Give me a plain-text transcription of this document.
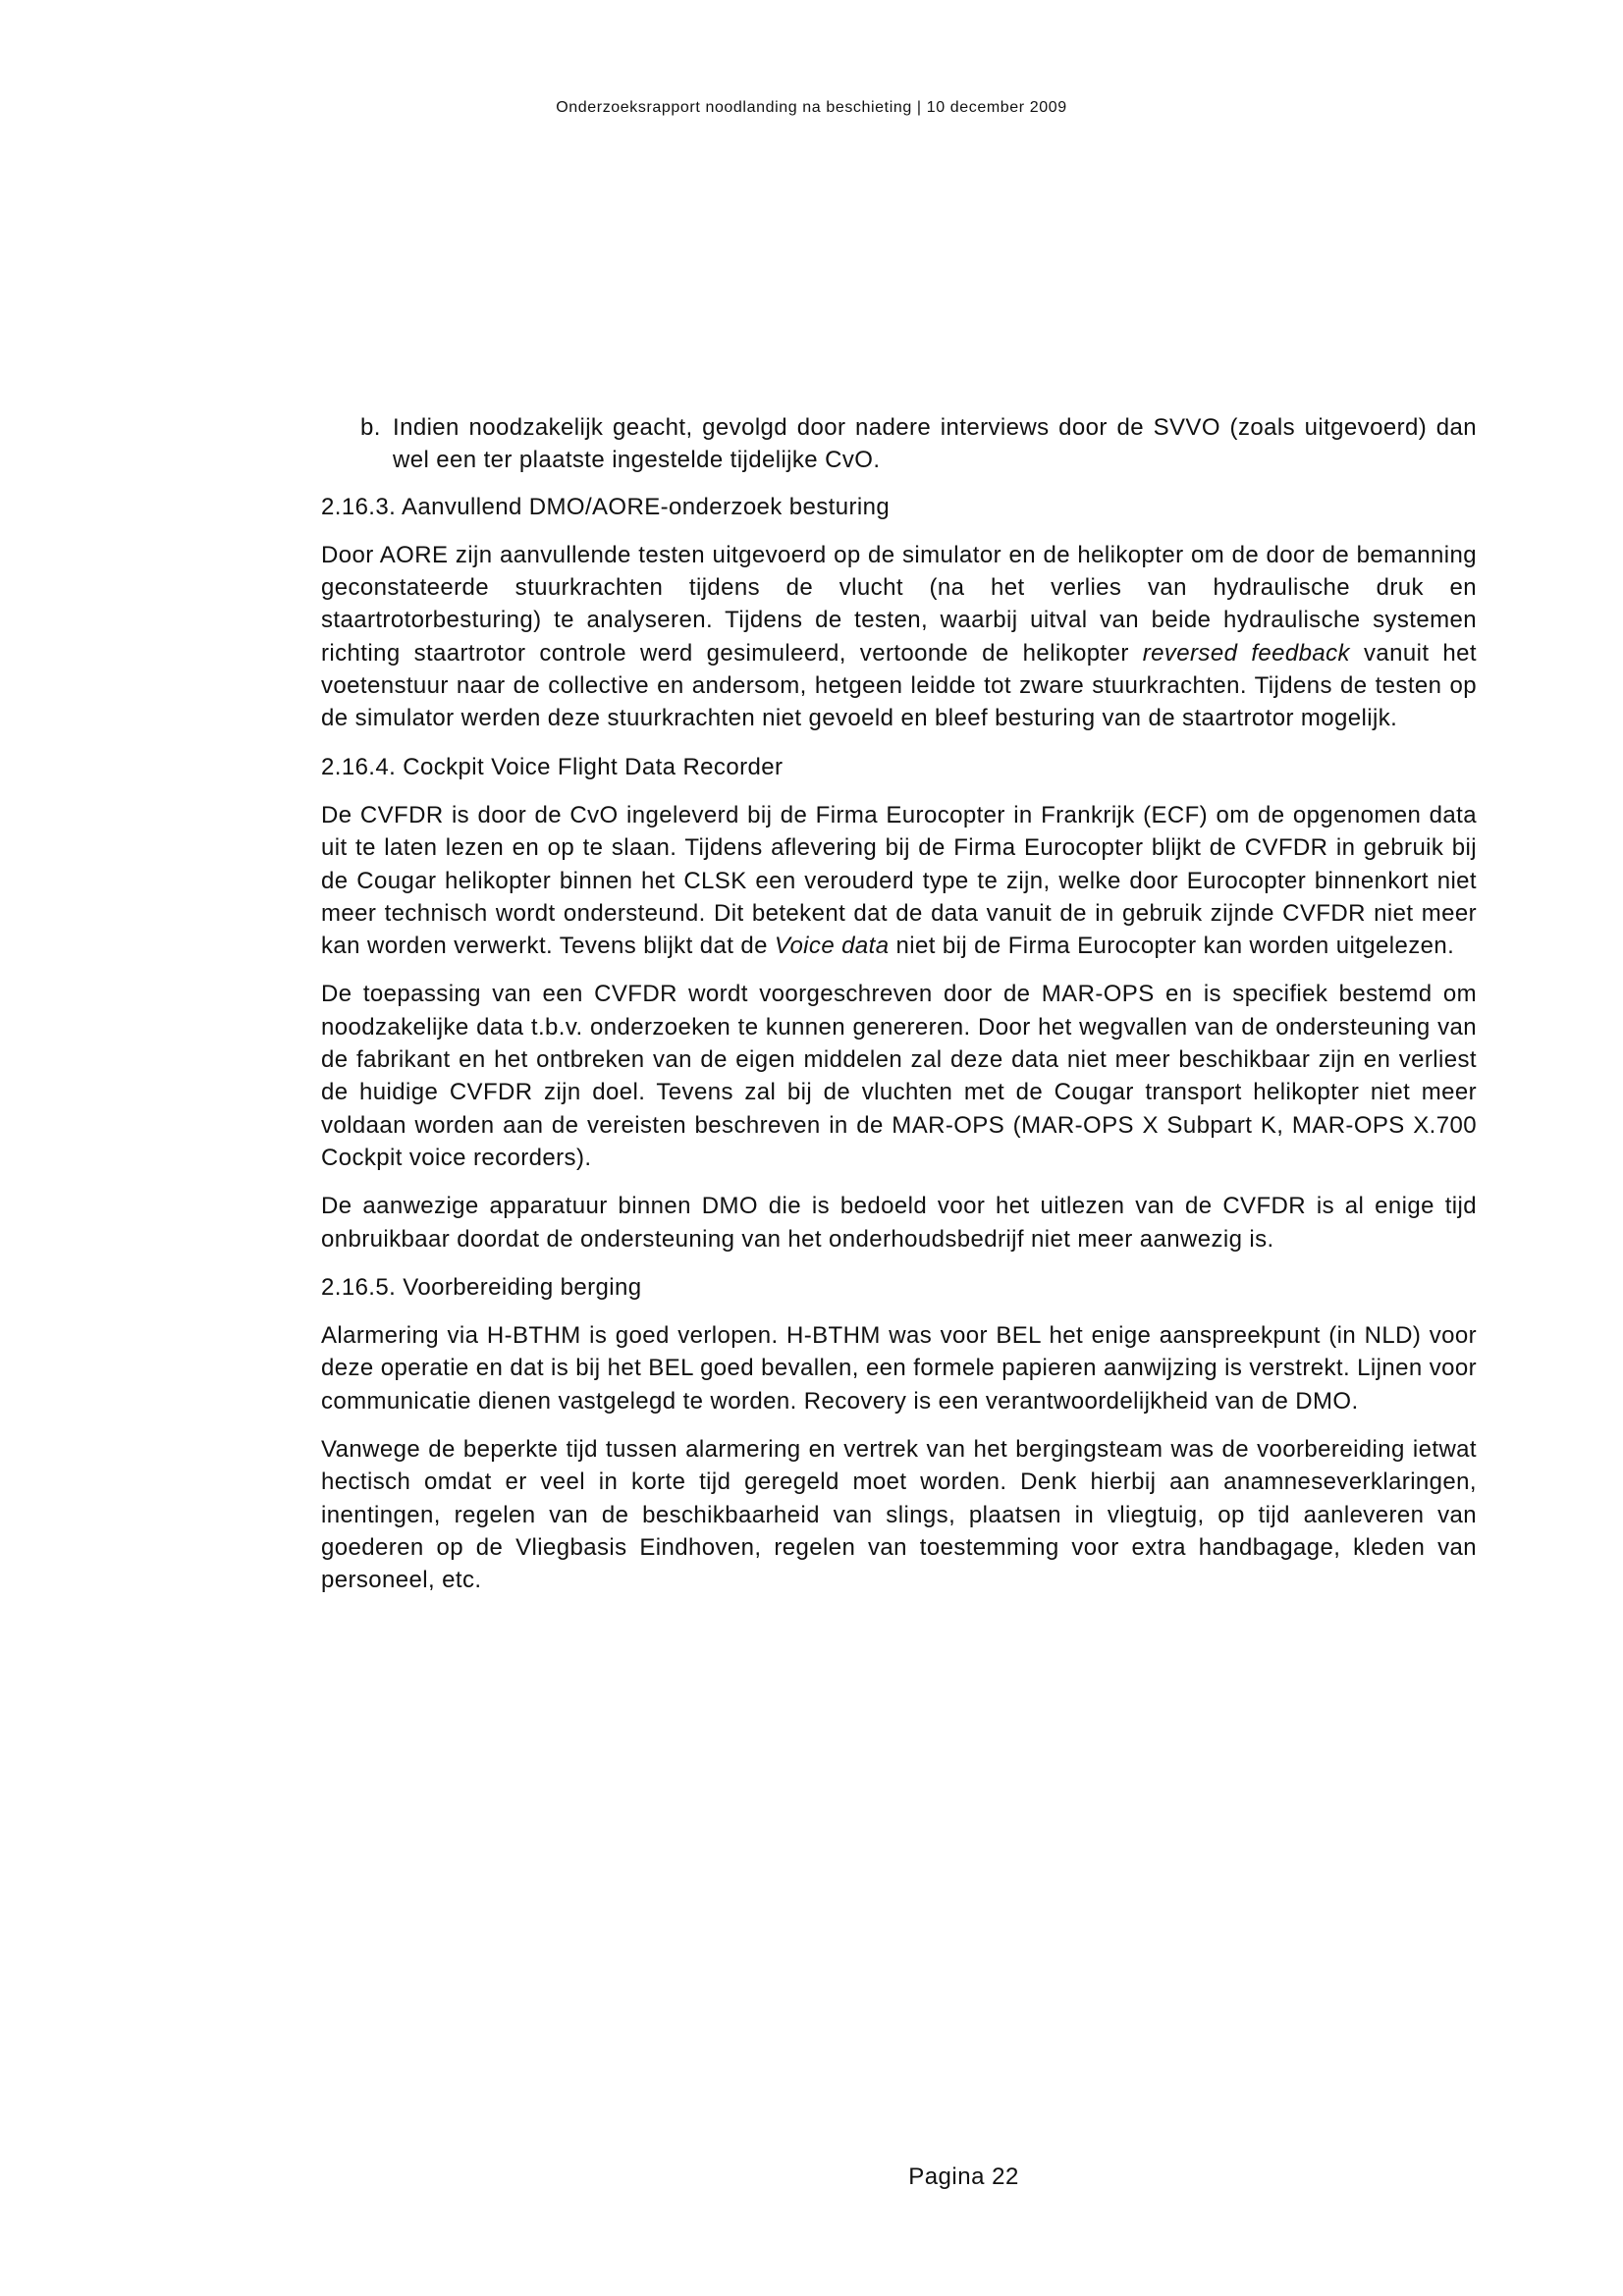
Onderzoeksrapport noodlanding na beschieting | 10 december 2009
b. Indien noodzakelijk geacht, gevolgd door nadere interviews door de SVVO (zoals uitgevoerd) dan wel een ter plaatste ingestelde tijdelijke CvO.
2.16.3. Aanvullend DMO/AORE-onderzoek besturing

Door AORE zijn aanvullende testen uitgevoerd op de simulator en de helikopter om de door de bemanning geconstateerde stuurkrachten tijdens de vlucht (na het verlies van hydraulische druk en staartrotorbesturing) te analyseren. Tijdens de testen, waarbij uitval van beide hydraulische systemen richting staartrotor controle werd gesimuleerd, vertoonde de helikopter reversed feedback vanuit het voetenstuur naar de collective en andersom, hetgeen leidde tot zware stuurkrachten. Tijdens de testen op de simulator werden deze stuurkrachten niet gevoeld en bleef besturing van de staartrotor mogelijk.

2.16.4. Cockpit Voice Flight Data Recorder

De CVFDR is door de CvO ingeleverd bij de Firma Eurocopter in Frankrijk (ECF) om de opgenomen data uit te laten lezen en op te slaan. Tijdens aflevering bij de Firma Eurocopter blijkt de CVFDR in gebruik bij de Cougar helikopter binnen het CLSK een verouderd type te zijn, welke door Eurocopter binnenkort niet meer technisch wordt ondersteund. Dit betekent dat de data vanuit de in gebruik zijnde CVFDR niet meer kan worden verwerkt. Tevens blijkt dat de Voice data niet bij de Firma Eurocopter kan worden uitgelezen.

De toepassing van een CVFDR wordt voorgeschreven door de MAR-OPS en is specifiek bestemd om noodzakelijke data t.b.v. onderzoeken te kunnen genereren. Door het wegvallen van de ondersteuning van de fabrikant en het ontbreken van de eigen middelen zal deze data niet meer beschikbaar zijn en verliest de huidige CVFDR zijn doel. Tevens zal bij de vluchten met de Cougar transport helikopter niet meer voldaan worden aan de vereisten beschreven in de MAR-OPS (MAR-OPS X Subpart K, MAR-OPS X.700 Cockpit voice recorders).

De aanwezige apparatuur binnen DMO die is bedoeld voor het uitlezen van de CVFDR is al enige tijd onbruikbaar doordat de ondersteuning van het onderhoudsbedrijf niet meer aanwezig is.

2.16.5. Voorbereiding berging

Alarmering via H-BTHM is goed verlopen. H-BTHM was voor BEL het enige aanspreekpunt (in NLD) voor deze operatie en dat is bij het BEL goed bevallen, een formele papieren aanwijzing is verstrekt. Lijnen voor communicatie dienen vastgelegd te worden. Recovery is een verantwoordelijkheid van de DMO.

Vanwege de beperkte tijd tussen alarmering en vertrek van het bergingsteam was de voorbereiding ietwat hectisch omdat er veel in korte tijd geregeld moet worden. Denk hierbij aan anamneseverklaringen, inentingen, regelen van de beschikbaarheid van slings, plaatsen in vliegtuig, op tijd aanleveren van goederen op de Vliegbasis Eindhoven, regelen van toestemming voor extra handbagage, kleden van personeel, etc.

Pagina 22
